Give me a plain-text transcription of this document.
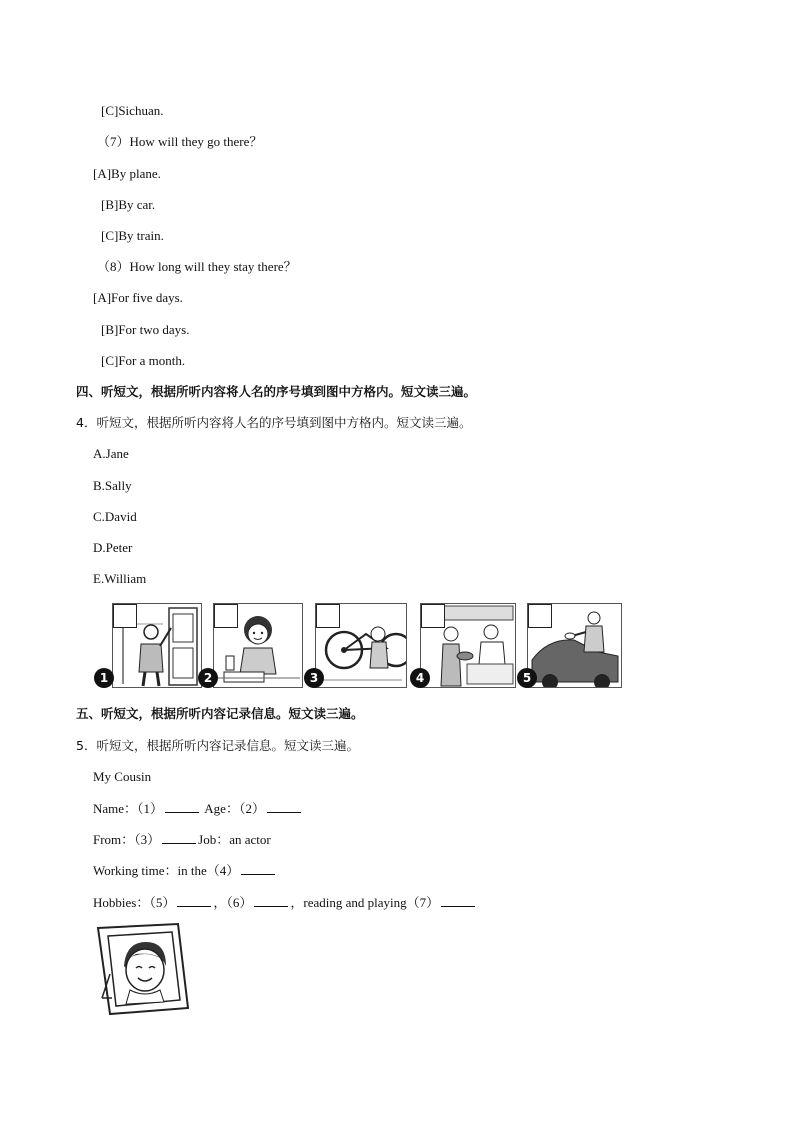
[C]Sichuan.
（7）How will they go there？
[A]By plane.
[B]By car.
[C]By train.
（8）How long will they stay there？
[A]For five days.
[B]For two days.
[C]For a month.
四、听短文，根据所听内容将人名的序号填到图中方格内。短文读三遍。
4．听短文，根据所听内容将人名的序号填到图中方格内。短文读三遍。
A.Jane
B.Sally
C.David
D.Peter
E.William
1	2	3	4	5
五、听短文，根据所听内容记录信息。短文读三遍。
5．听短文，根据所听内容记录信息。短文读三遍。
My Cousin
Name：（1）	Age：（2）
From：（3）	Job：an actor
Working time：in the（4）
Hobbies：（5）	，（6）	，reading and playing（7）
